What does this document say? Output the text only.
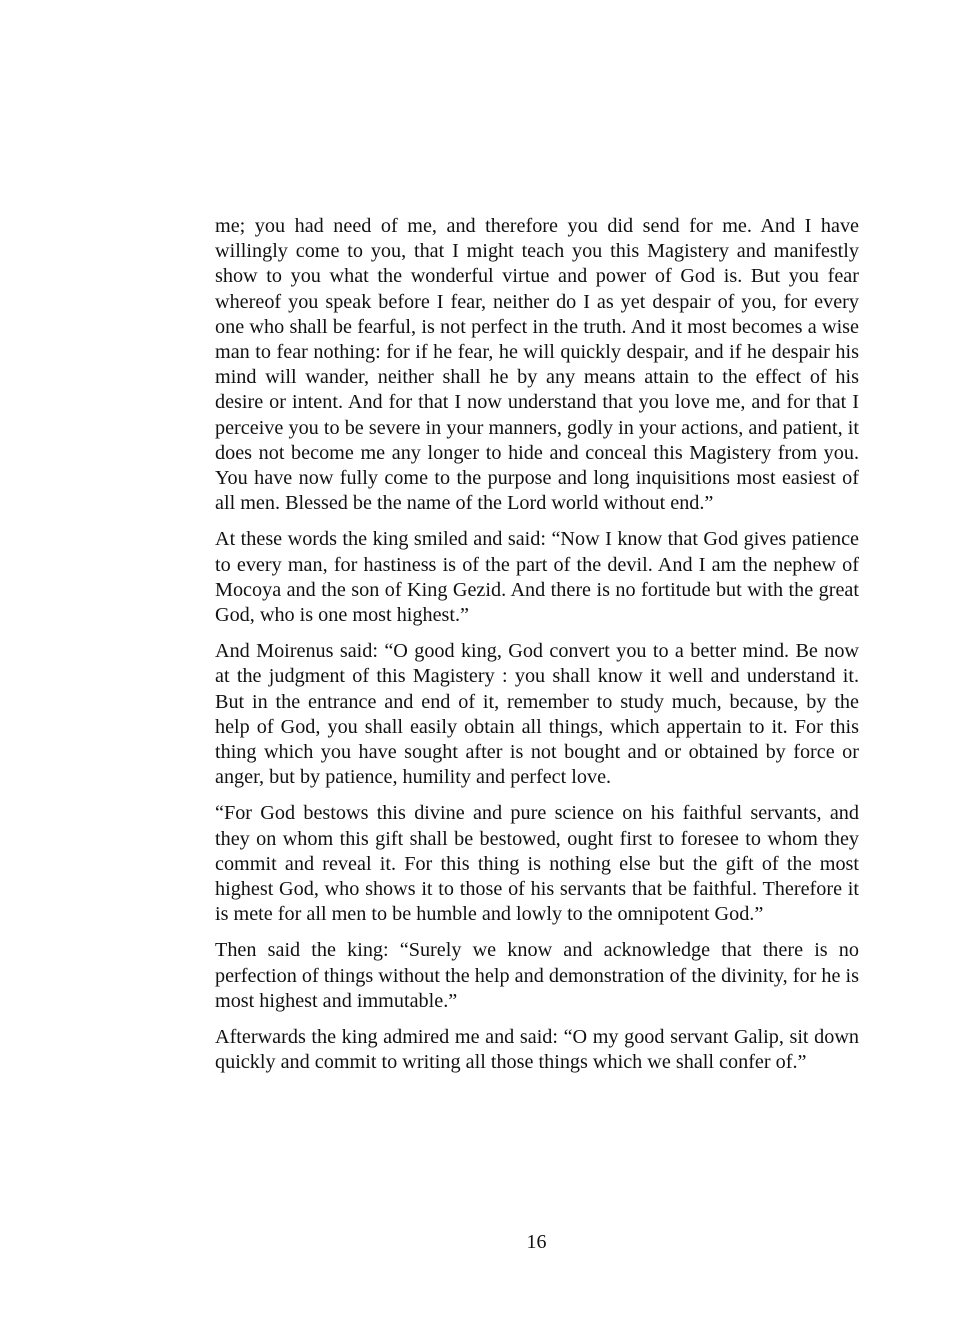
me; you had need of me, and therefore you did send for me. And I have willingly come to you, that I might teach you this Magistery and manifestly show to you what the wonderful virtue and power of God is. But you fear whereof you speak before I fear, neither do I as yet despair of you, for every one who shall be fearful, is not perfect in the truth. And it most becomes a wise man to fear nothing: for if he fear, he will quickly despair, and if he despair his mind will wander, neither shall he by any means attain to the effect of his desire or intent. And for that I now understand that you love me, and for that I perceive you to be severe in your manners, godly in your actions, and patient, it does not become me any longer to hide and conceal this Magistery from you. You have now fully come to the purpose and long inquisitions most easiest of all men. Blessed be the name of the Lord world without end.”

At these words the king smiled and said: “Now I know that God gives patience to every man, for hastiness is of the part of the devil. And I am the nephew of Mocoya and the son of King Gezid. And there is no fortitude but with the great God, who is one most highest.”

And Moirenus said: “O good king, God convert you to a better mind. Be now at the judgment of this Magistery : you shall know it well and understand it. But in the entrance and end of it, remember to study much, because, by the help of God, you shall easily obtain all things, which appertain to it. For this thing which you have sought after is not bought and or obtained by force or anger, but by patience, humility and perfect love.

“For God bestows this divine and pure science on his faithful servants, and they on whom this gift shall be bestowed, ought first to foresee to whom they commit and reveal it. For this thing is nothing else but the gift of the most highest God, who shows it to those of his servants that be faithful. Therefore it is mete for all men to be humble and lowly to the omnipotent God.”

Then said the king: “Surely we know and acknowledge that there is no perfection of things without the help and demonstration of the divinity, for he is most highest and immutable.”

Afterwards the king admired me and said: “O my good servant Galip, sit down quickly and commit to writing all those things which we shall confer of.”

16
